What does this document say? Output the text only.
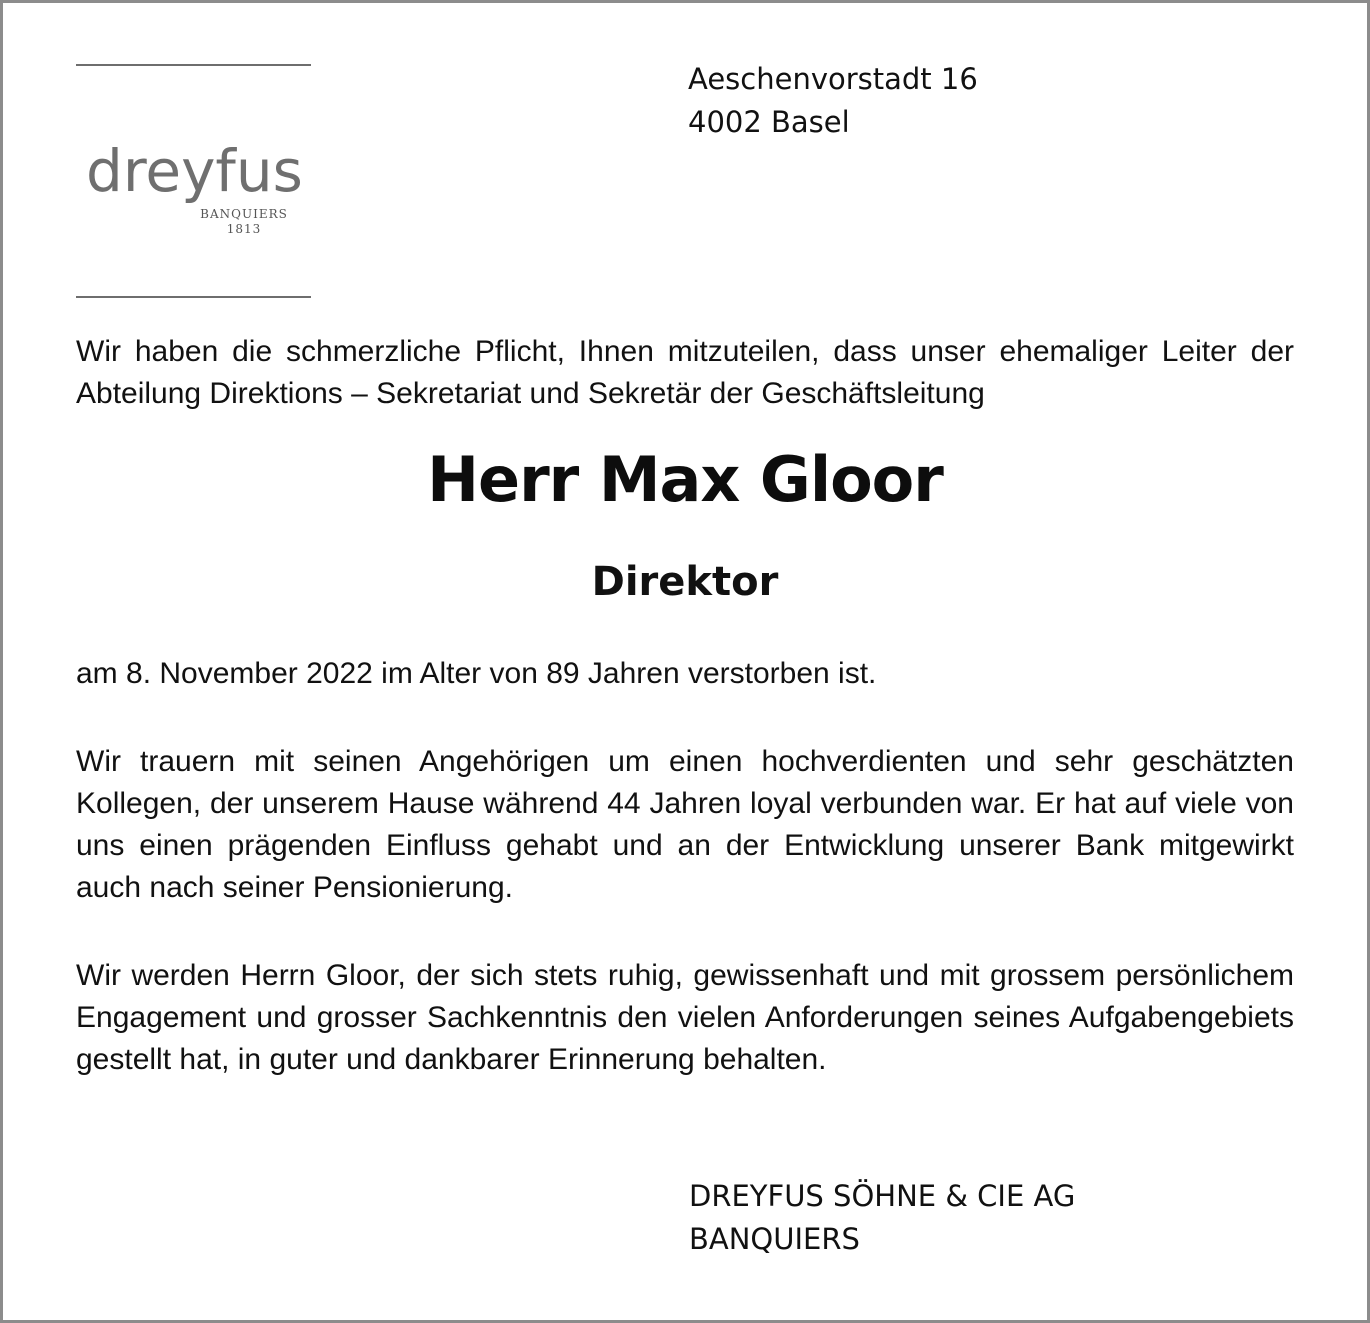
dreyfus
BANQUIERS
1813
Aeschenvorstadt 16
4002 Basel
Wir haben die schmerzliche Pflicht, Ihnen mitzuteilen, dass unser ehemaliger Leiter der Abteilung Direktions – Sekretariat und Sekretär der Geschäftsleitung
Herr Max Gloor
Direktor
am 8. November 2022 im Alter von 89 Jahren verstorben ist.
Wir trauern mit seinen Angehörigen um einen hochverdienten und sehr geschätzten Kollegen, der unserem Hause während 44 Jahren loyal verbunden war. Er hat auf viele von uns einen prägenden Einfluss gehabt und an der Entwicklung unserer Bank mitgewirkt auch nach seiner Pensionierung.
Wir werden Herrn Gloor, der sich stets ruhig, gewissenhaft und mit grossem persönlichem Engagement und grosser Sachkenntnis den vielen Anforderungen seines Aufgabengebiets gestellt hat, in guter und dankbarer Erinnerung behalten.
DREYFUS SÖHNE & CIE AG
BANQUIERS
